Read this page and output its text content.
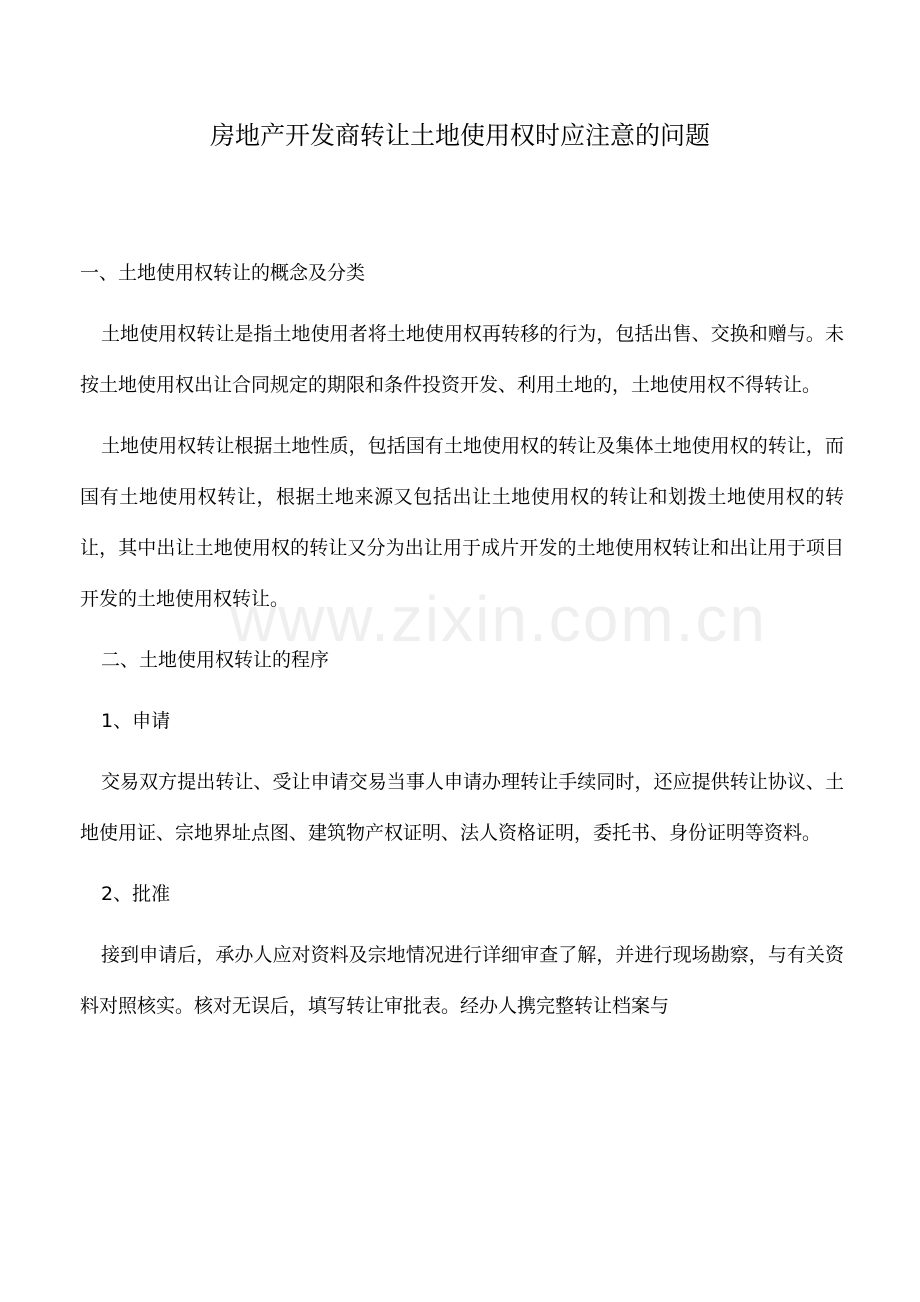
www.zixin.com.cn
房地产开发商转让土地使用权时应注意的问题

一、土地使用权转让的概念及分类

土地使用权转让是指土地使用者将土地使用权再转移的行为，包括出售、交换和赠与。未按土地使用权出让合同规定的期限和条件投资开发、利用土地的，土地使用权不得转让。

土地使用权转让根据土地性质，包括国有土地使用权的转让及集体土地使用权的转让，而国有土地使用权转让，根据土地来源又包括出让土地使用权的转让和划拨土地使用权的转让，其中出让土地使用权的转让又分为出让用于成片开发的土地使用权转让和出让用于项目开发的土地使用权转让。

二、土地使用权转让的程序

1、申请

交易双方提出转让、受让申请交易当事人申请办理转让手续同时，还应提供转让协议、土地使用证、宗地界址点图、建筑物产权证明、法人资格证明，委托书、身份证明等资料。

2、批准

接到申请后，承办人应对资料及宗地情况进行详细审查了解，并进行现场勘察，与有关资料对照核实。核对无误后，填写转让审批表。经办人携完整转让档案与
